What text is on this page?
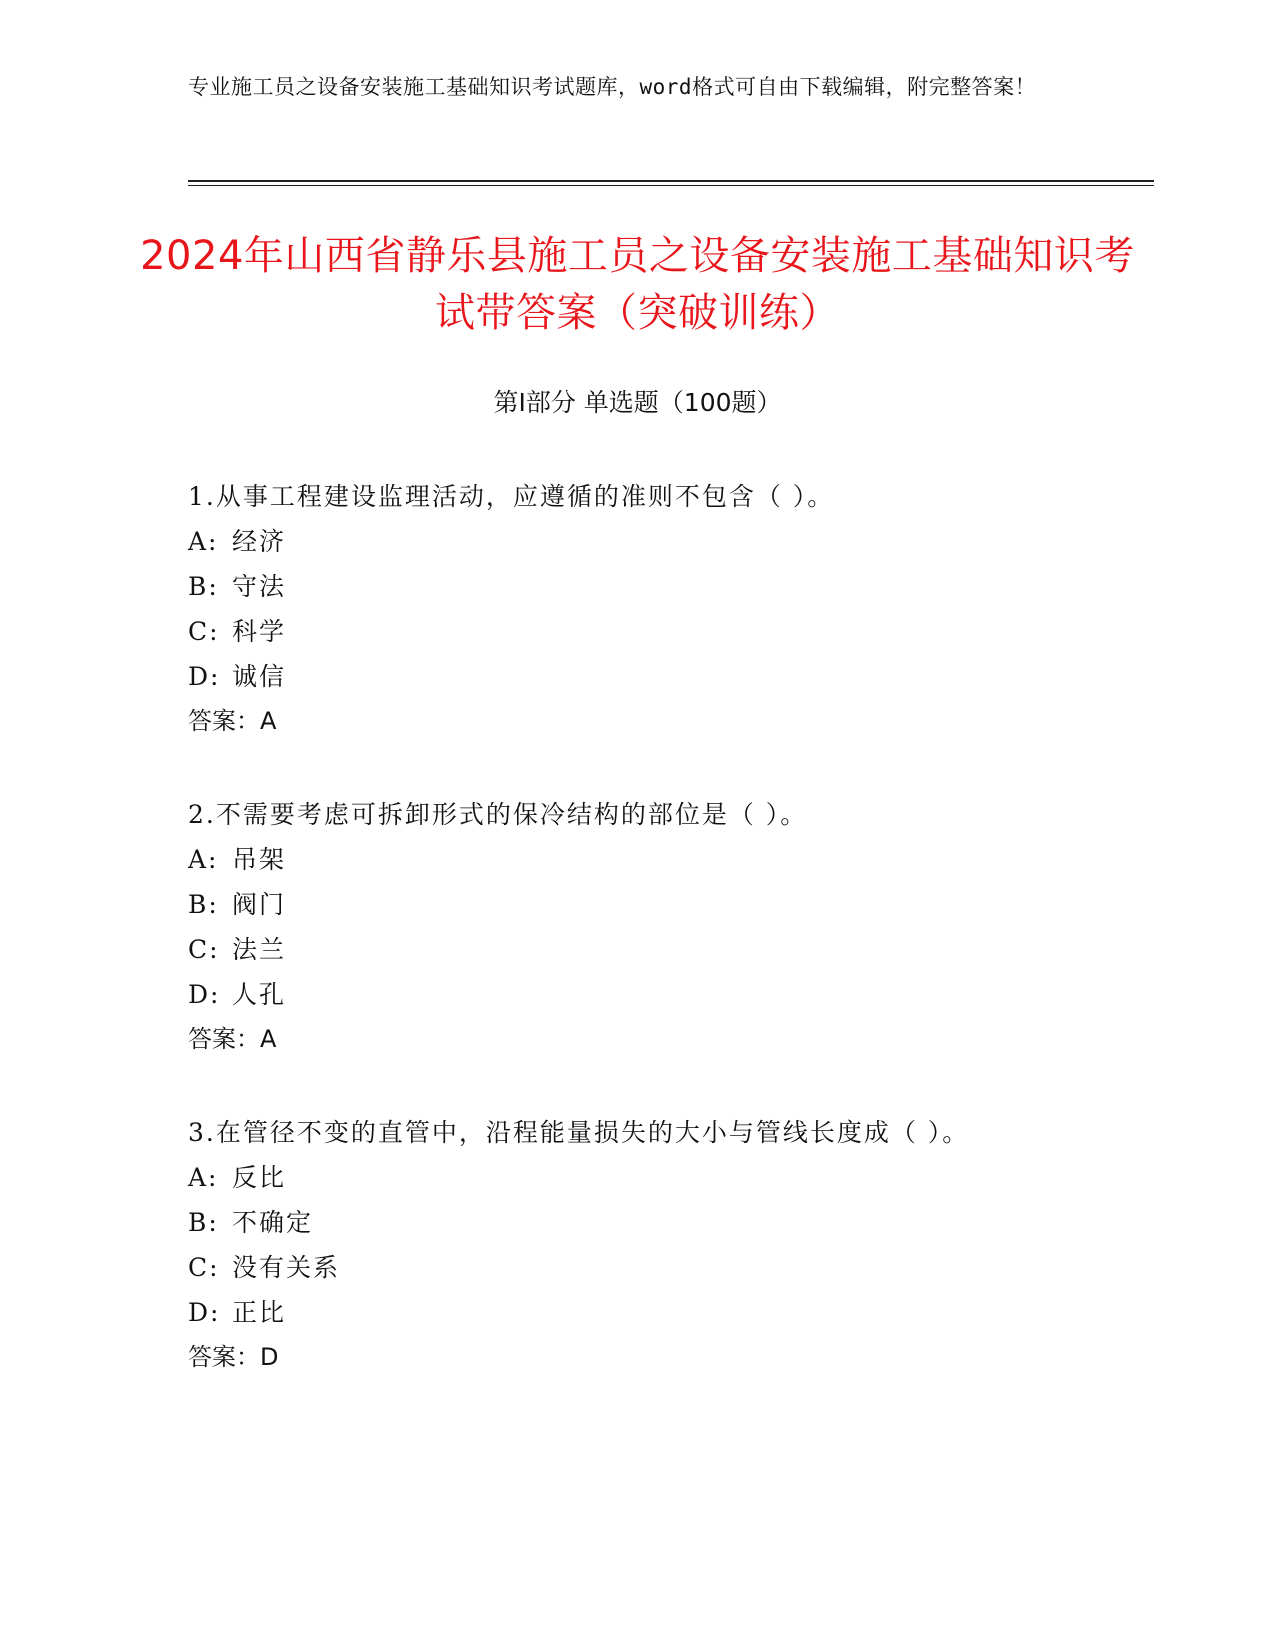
专业施工员之设备安装施工基础知识考试题库，word格式可自由下载编辑，附完整答案！
2024年山西省静乐县施工员之设备安装施工基础知识考试带答案（突破训练）
第Ⅰ部分 单选题（100题）
1.从事工程建设监理活动，应遵循的准则不包含（ ）。
A: 经济
B: 守法
C: 科学
D: 诚信
答案：A
2.不需要考虑可拆卸形式的保冷结构的部位是（ ）。
A: 吊架
B: 阀门
C: 法兰
D: 人孔
答案：A
3.在管径不变的直管中，沿程能量损失的大小与管线长度成（ ）。
A: 反比
B: 不确定
C: 没有关系
D: 正比
答案：D
